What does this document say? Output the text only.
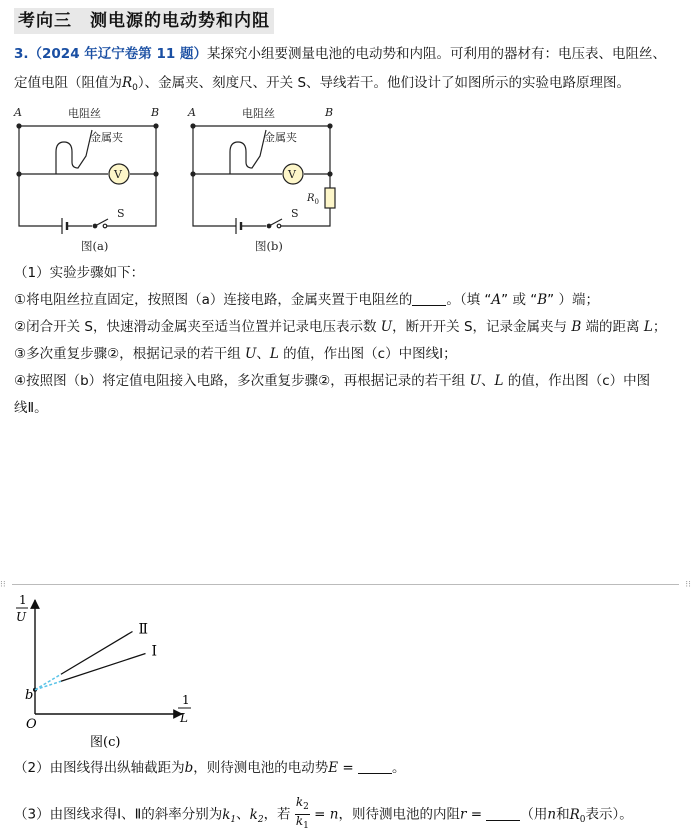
考向三　测电源的电动势和内阻
3.（2024 年辽宁卷第 11 题）某探究小组要测量电池的电动势和内阻。可利用的器材有：电压表、电阻丝、
定值电阻（阻值为$R_0$）、金属夹、刻度尺、开关 S、导线若干。他们设计了如图所示的实验电路原理图。
A	B
电阻丝
金属夹
V
S
图(a)
A	B
电阻丝
金属夹
V
$R_0$
S
图(b)
（1）实验步骤如下：
①将电阻丝拉直固定，按照图（a）连接电路，金属夹置于电阻丝的	。（填 “A” 或 “B” ）端；
②闭合开关 S，快速滑动金属夹至适当位置并记录电压表示数 U，断开开关 S，记录金属夹与 B 端的距离 L；
③多次重复步骤②，根据记录的若干组 U、L 的值，作出图（c）中图线Ⅰ；
④按照图（b）将定值电阻接入电路，多次重复步骤②，再根据记录的若干组 U、L 的值，作出图（c）中图
线Ⅱ。
⁝⁝	⁝⁝
1
U
1
L
O
b
Ⅰ
Ⅱ
图(c)
（2）由图线得出纵轴截距为b，则待测电池的电动势E =	。
（3）由图线求得Ⅰ、Ⅱ的斜率分别为$k_1$、$k_2$，若 $\frac{k_2}{k_1} = n$，则待测电池的内阻r =	（用n和$R_0$表示）。
